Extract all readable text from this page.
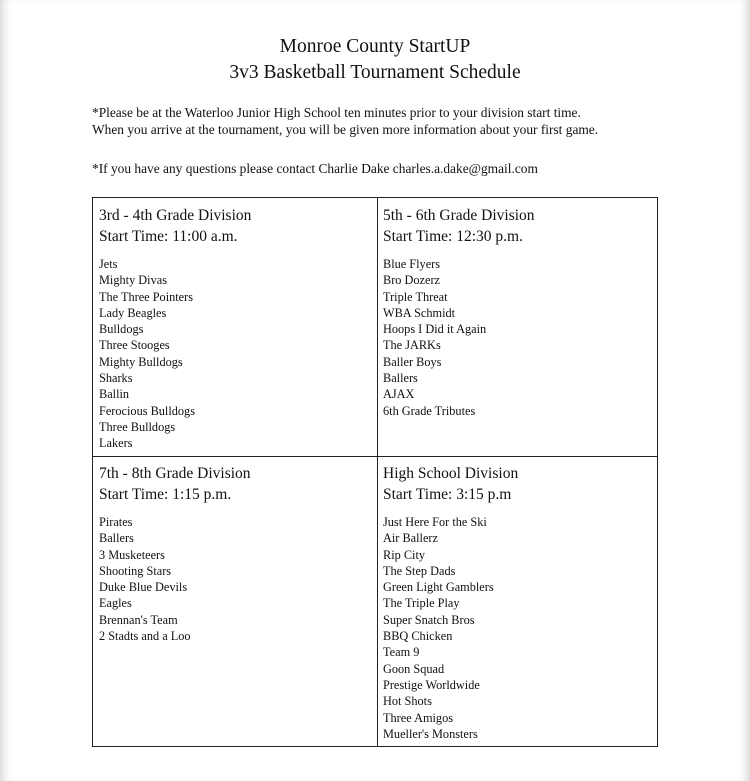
Monroe County StartUP
3v3 Basketball Tournament Schedule
*Please be at the Waterloo Junior High School ten minutes prior to your division start time.
When you arrive at the tournament, you will be given more information about your first game.
*If you have any questions please contact Charlie Dake charles.a.dake@gmail.com
3rd - 4th Grade Division
Start Time: 11:00 a.m.
Jets
Mighty Divas
The Three Pointers
Lady Beagles
Bulldogs
Three Stooges
Mighty Bulldogs
Sharks
Ballin
Ferocious Bulldogs
Three Bulldogs
Lakers
5th - 6th Grade Division
Start Time: 12:30 p.m.
Blue Flyers
Bro Dozerz
Triple Threat
WBA Schmidt
Hoops I Did it Again
The JARKs
Baller Boys
Ballers
AJAX
6th Grade Tributes
7th - 8th Grade Division
Start Time: 1:15 p.m.
Pirates
Ballers
3 Musketeers
Shooting Stars
Duke Blue Devils
Eagles
Brennan's Team
2 Stadts and a Loo
High School Division
Start Time: 3:15 p.m
Just Here For the Ski
Air Ballerz
Rip City
The Step Dads
Green Light Gamblers
The Triple Play
Super Snatch Bros
BBQ Chicken
Team 9
Goon Squad
Prestige Worldwide
Hot Shots
Three Amigos
Mueller's Monsters
